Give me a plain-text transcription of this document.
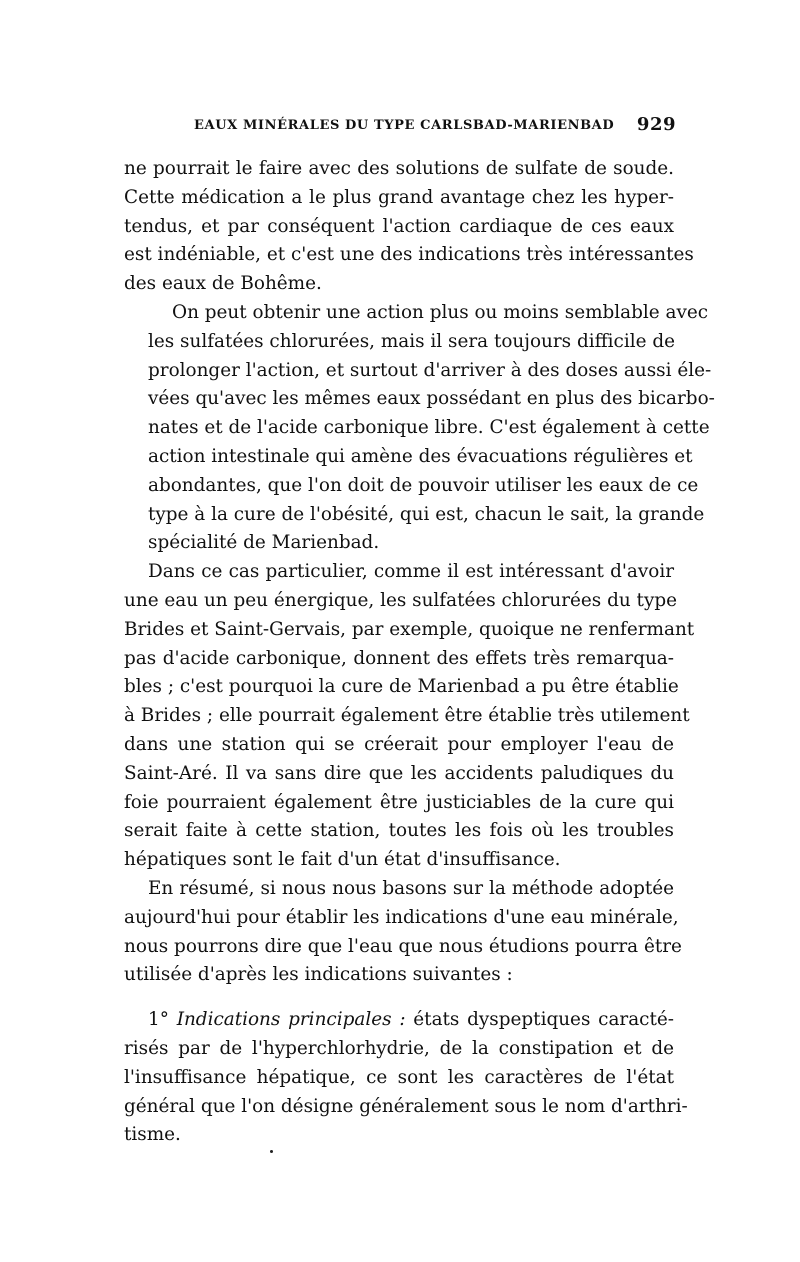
EAUX MINÉRALES DU TYPE CARLSBAD-MARIENBAD 929

ne pourrait le faire avec des solutions de sulfate de soude.
Cette médication a le plus grand avantage chez les hyper-
tendus, et par conséquent l'action cardiaque de ces eaux
est indéniable, et c'est une des indications très intéressantes
des eaux de Bohême.

On peut obtenir une action plus ou moins semblable avec
les sulfatées chlorurées, mais il sera toujours difficile de
prolonger l'action, et surtout d'arriver à des doses aussi éle-
vées qu'avec les mêmes eaux possédant en plus des bicarbo-
nates et de l'acide carbonique libre. C'est également à cette
action intestinale qui amène des évacuations régulières et
abondantes, que l'on doit de pouvoir utiliser les eaux de ce
type à la cure de l'obésité, qui est, chacun le sait, la grande
spécialité de Marienbad.

Dans ce cas particulier, comme il est intéressant d'avoir
une eau un peu énergique, les sulfatées chlorurées du type
Brides et Saint-Gervais, par exemple, quoique ne renfermant
pas d'acide carbonique, donnent des effets très remarqua-
bles ; c'est pourquoi la cure de Marienbad a pu être établie
à Brides ; elle pourrait également être établie très utilement
dans une station qui se créerait pour employer l'eau de
Saint-Aré. Il va sans dire que les accidents paludiques du
foie pourraient également être justiciables de la cure qui
serait faite à cette station, toutes les fois où les troubles
hépatiques sont le fait d'un état d'insuffisance.

En résumé, si nous nous basons sur la méthode adoptée
aujourd'hui pour établir les indications d'une eau minérale,
nous pourrons dire que l'eau que nous étudions pourra être
utilisée d'après les indications suivantes :

1° Indications principales : états dyspeptiques caracté-
risés par de l'hyperchlorhydrie, de la constipation et de
l'insuffisance hépatique, ce sont les caractères de l'état
général que l'on désigne généralement sous le nom d'arthri-
tisme.
